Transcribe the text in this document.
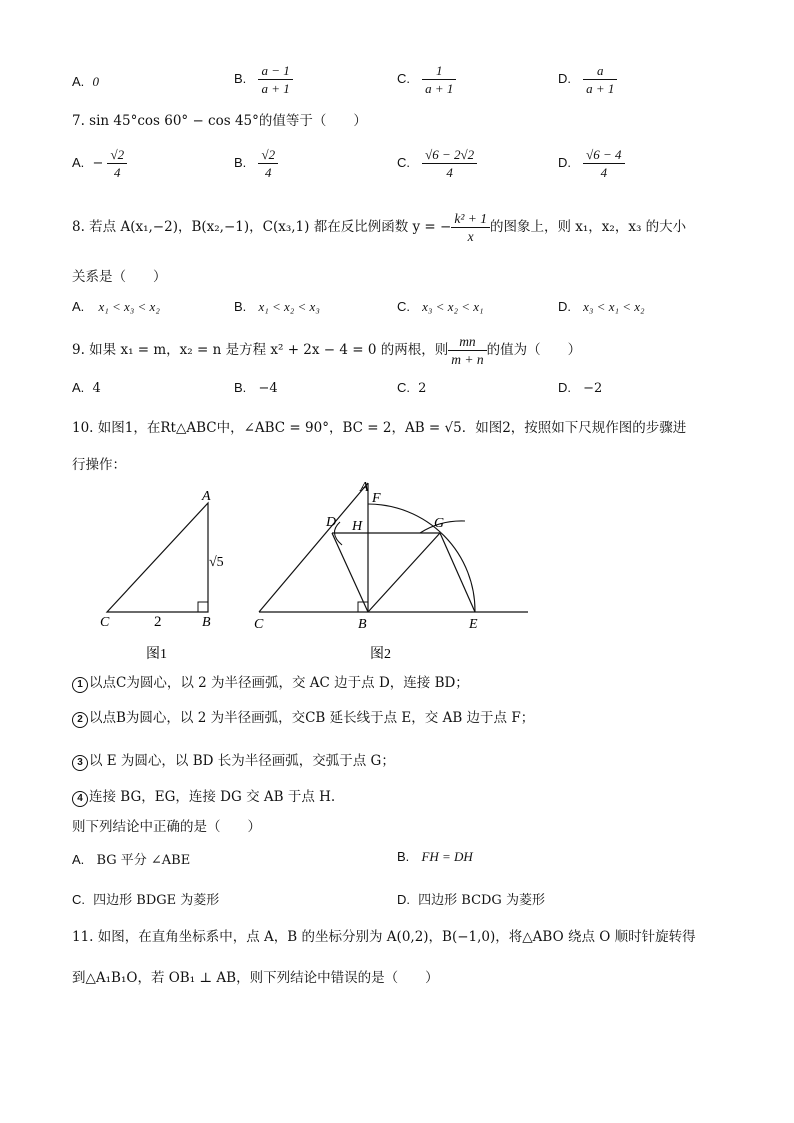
A. 0	B. $\frac{a - 1}{a + 1}$	C. $\frac{1}{a + 1}$	D. $\frac{a}{a + 1}$
7. sin 45°cos 60° − cos 45°的值等于（　　）
A. − $\frac{√2}{4}$	B. $\frac{√2}{4}$	C. $\frac{√6 - 2√2}{4}$	D. $\frac{√6 - 4}{4}$
8. 若点 A(x₁,−2)，B(x₂,−1)，C(x₃,1) 都在反比例函数 y = − $\frac{\text{k² + 1}}{x}$ 的图象上，则 x₁，x₂，x₃ 的大小
关系是（　　）
A. x₁ < x₃ < x₂	B. x₁ < x₂ < x₃	C. x₃ < x₂ < x₁	D. x₃ < x₁ < x₂
9. 如果 x₁ = m，x₂ = n 是方程 x² + 2x − 4 = 0 的两根，则 $\frac{mn}{m + n}$ 的值为（　　）
A. 4	B. −4	C. 2	D. −2
10. 如图1，在Rt△ABC中，∠ABC = 90°，BC = 2，AB = √5．如图2，按照如下尺规作图的步骤进
行操作：
A
C	B
2
√5
图1
A
F
D H	G
C	B	E
图2
1 以点C为圆心，以 2 为半径画弧，交 AC 边于点 D，连接 BD；
2 以点B为圆心，以 2 为半径画弧，交CB 延长线于点 E，交 AB 边于点 F；
3 以 E 为圆心，以 BD 长为半径画弧，交弧于点 G；
4 连接 BG，EG，连接 DG 交 AB 于点 H.
则下列结论中正确的是（　　）
A. BG 平分 ∠ABE	B. FH = DH
C. 四边形 BDGE 为菱形	D. 四边形 BCDG 为菱形
11. 如图，在直角坐标系中，点 A，B 的坐标分别为 A(0,2)，B(−1,0)，将△ABO 绕点 O 顺时针旋转得
到△A₁B₁O，若 OB₁ ⊥ AB，则下列结论中错误的是（　　）
